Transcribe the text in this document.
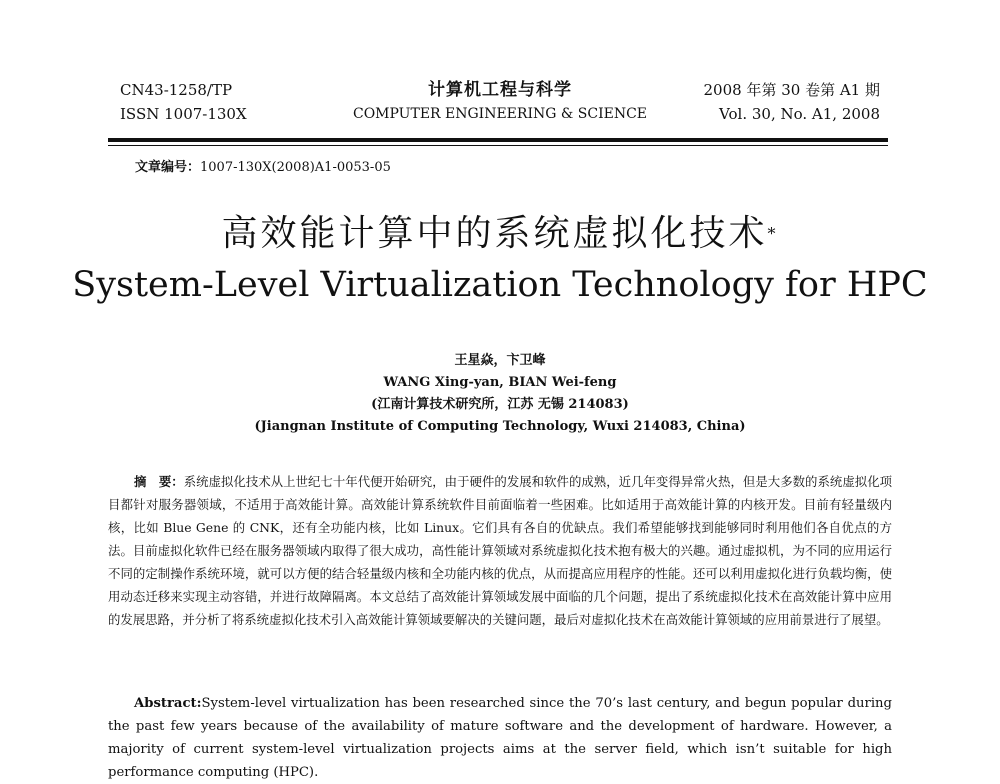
CN43-1258/TP
ISSN 1007-130X
计算机工程与科学
COMPUTER ENGINEERING & SCIENCE
2008 年第 30 卷第 A1 期
Vol. 30, No. A1, 2008
文章编号：1007-130X(2008)A1-0053-05
高效能计算中的系统虚拟化技术*
System-Level Virtualization Technology for HPC
王星焱，卞卫峰
WANG Xing-yan, BIAN Wei-feng
(江南计算技术研究所，江苏 无锡 214083)
(Jiangnan Institute of Computing Technology, Wuxi 214083, China)

摘　要：系统虚拟化技术从上世纪七十年代便开始研究，由于硬件的发展和软件的成熟，近几年变得异常火热，但是大多数的系统虚拟化项目都针对服务器领域，不适用于高效能计算。高效能计算系统软件目前面临着一些困难。比如适用于高效能计算的内核开发。目前有轻量级内核，比如 Blue Gene 的 CNK，还有全功能内核，比如 Linux。它们具有各自的优缺点。我们希望能够找到能够同时利用他们各自优点的方法。目前虚拟化软件已经在服务器领域内取得了很大成功，高性能计算领域对系统虚拟化技术抱有极大的兴趣。通过虚拟机，为不同的应用运行不同的定制操作系统环境，就可以方便的结合轻量级内核和全功能内核的优点，从而提高应用程序的性能。还可以利用虚拟化进行负载均衡，使用动态迁移来实现主动容错，并进行故障隔离。本文总结了高效能计算领域发展中面临的几个问题，提出了系统虚拟化技术在高效能计算中应用的发展思路，并分析了将系统虚拟化技术引入高效能计算领域要解决的关键问题，最后对虚拟化技术在高效能计算领域的应用前景进行了展望。

Abstract:System-level virtualization has been researched since the 70’s last century, and begun popular during the past few years because of the availability of mature software and the development of hardware. However, a majority of current system-level virtualization projects aims at the server field, which isn’t suitable for high performance computing (HPC).
